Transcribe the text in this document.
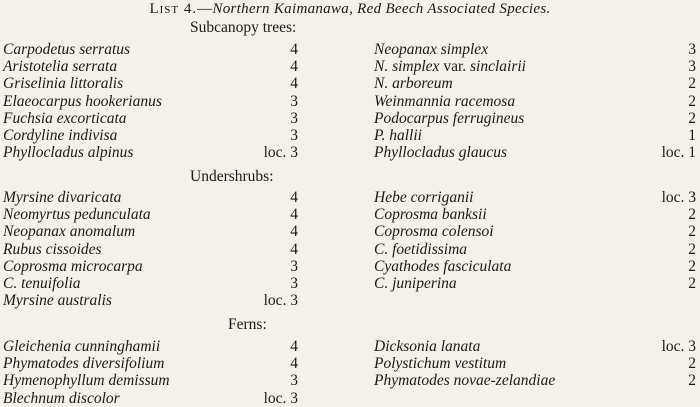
List 4.—Northern Kaimanawa, Red Beech Associated Species.
Subcanopy trees:
Carpodetus serratus	4
Aristotelia serrata	4
Griselinia littoralis	4
Elaeocarpus hookerianus	3
Fuchsia excorticata	3
Cordyline indivisa	3
Phyllocladus alpinus	loc. 3
Neopanax simplex	3
N. simplex var. sinclairii	3
N. arboreum	2
Weinmannia racemosa	2
Podocarpus ferrugineus	2
P. hallii	1
Phyllocladus glaucus	loc. 1
Undershrubs:
Myrsine divaricata	4
Neomyrtus pedunculata	4
Neopanax anomalum	4
Rubus cissoides	4
Coprosma microcarpa	3
C. tenuifolia	3
Myrsine australis	loc. 3
Hebe corriganii	loc. 3
Coprosma banksii	2
Coprosma colensoi	2
C. foetidissima	2
Cyathodes fasciculata	2
C. juniperina	2
Ferns:
Gleichenia cunninghamii	4
Phymatodes diversifolium	4
Hymenophyllum demissum	3
Blechnum discolor	loc. 3
Dicksonia lanata	loc. 3
Polystichum vestitum	2
Phymatodes novae-zelandiae	2
